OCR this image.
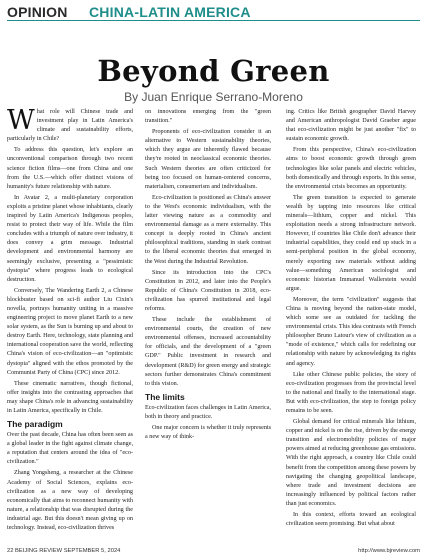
OPINION CHINA-LATIN AMERICA
Beyond Green
By Juan Enrique Serrano-Moreno

What role will Chinese trade and investment play in Latin America's climate and sustainability efforts, particularly in Chile?

To address this question, let's explore an unconventional comparison through two recent science fiction films—one from China and one from the U.S.—which offer distinct visions of humanity's future relationship with nature.

In Avatar 2, a multi-planetary corporation exploits a pristine planet whose inhabitants, clearly inspired by Latin America's Indigenous peoples, resist to protect their way of life. While the film concludes with a triumph of nature over industry, it does convey a grim message. Industrial development and environmental harmony are seemingly exclusive, presenting a "pessimistic dystopia" where progress leads to ecological destruction.

Conversely, The Wandering Earth 2, a Chinese blockbuster based on sci-fi author Liu Cixin's novella, portrays humanity uniting in a massive engineering project to move planet Earth to a new solar system, as the Sun is burning up and about to destroy Earth. Here, technology, state planning and international cooperation save the world, reflecting China's vision of eco-civilization—an "optimistic dystopia" aligned with the ethos promoted by the Communist Party of China (CPC) since 2012.

These cinematic narratives, though fictional, offer insights into the contrasting approaches that may shape China's role in advancing sustainability in Latin America, specifically in Chile.

The paradigm

Over the past decade, China has often been seen as a global leader in the fight against climate change, a reputation that centers around the idea of "eco-civilization."

Zhang Yongsheng, a researcher at the Chinese Academy of Social Sciences, explains eco-civilization as a new way of developing economically that aims to reconnect humanity with nature, a relationship that was disrupted during the industrial age. But this doesn't mean giving up on technology. Instead, eco-civilization thrives

on innovations emerging from the "green transition."

Proponents of eco-civilization consider it an alternative to Western sustainability theories, which they argue are inherently flawed because they're rooted in neoclassical economic theories. Such Western theories are often criticized for being too focused on human-centered concerns, materialism, consumerism and individualism.

Eco-civilization is positioned as China's answer to the West's economic individualism, with the latter viewing nature as a commodity and environmental damage as a mere externality. This concept is deeply rooted in China's ancient philosophical traditions, standing in stark contrast to the liberal economic theories that emerged in the West during the Industrial Revolution.

Since its introduction into the CPC's Constitution in 2012, and later into the People's Republic of China's Constitution in 2018, eco-civilization has spurred institutional and legal reforms.

These include the establishment of environmental courts, the creation of new environmental offenses, increased accountability for officials, and the development of a "green GDP." Public investment in research and development (R&D) for green energy and strategic sectors further demonstrates China's commitment to this vision.

The limits

Eco-civilization faces challenges in Latin America, both in theory and practice.

One major concern is whether it truly represents a new way of think-

ing. Critics like British geographer David Harvey and American anthropologist David Graeber argue that eco-civilization might be just another "fix" to sustain economic growth.

From this perspective, China's eco-civilization aims to boost economic growth through green technologies like solar panels and electric vehicles, both domestically and through exports. In this sense, the environmental crisis becomes an opportunity.

The green transition is expected to generate wealth by tapping into resources like critical minerals—lithium, copper and nickel. This exploitation needs a strong infrastructure network. However, if countries like Chile don't advance their industrial capabilities, they could end up stuck in a semi-peripheral position in the global economy, merely exporting raw materials without adding value—something American sociologist and economic historian Immanuel Wallerstein would argue.

Moreover, the term "civilization" suggests that China is moving beyond the nation-state model, which some see as outdated for tackling the environmental crisis. This idea contrasts with French philosopher Bruno Latour's view of civilization as a "mode of existence," which calls for redefining our relationship with nature by acknowledging its rights and agency.

Like other Chinese public policies, the story of eco-civilization progresses from the provincial level to the national and finally to the international stage. But with eco-civilization, the step to foreign policy remains to be seen.

Global demand for critical minerals like lithium, copper and nickel is on the rise, driven by the energy transition and electromobility policies of major powers aimed at reducing greenhouse gas emissions. With the right approach, a country like Chile could benefit from the competition among these powers by navigating the changing geopolitical landscape, where trade and investment decisions are increasingly influenced by political factors rather than just economics.

In this context, efforts toward an ecological civilization seem promising. But what about

22 BEIJING REVIEW SEPTEMBER 5, 2024	http://www.bjreview.com
